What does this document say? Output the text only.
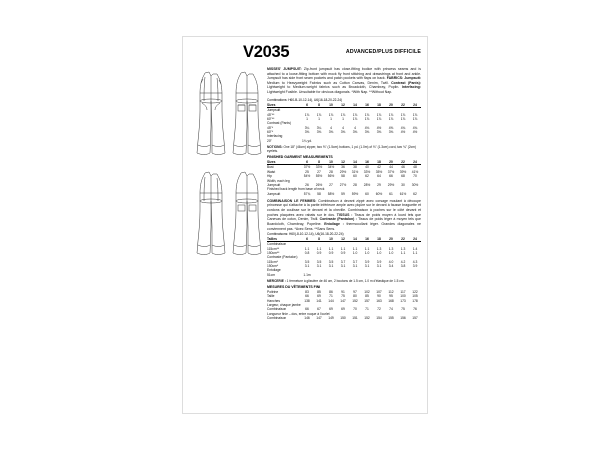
V2035	ADVANCED/PLUS DIFFICILE

MISSES' JUMPSUIT: Zip-front jumpsuit has close-fitting bodice with princess seams and is attached to a loose-fitting bottom with mock fly front stitching and drawstrings at front and ankle. Jumpsuit has side front seam pockets and patch pockets with flaps on back. FABRICS: Jumpsuit: Medium to Heavyweight Fabrics such as Cotton Canvas, Denim, Twill. Contrast (Pants): Lightweight to Medium-weight fabrics such as Broadcloth, Chambray, Poplin. Interfacing: Lightweight Fusible. Unsuitable for obvious diagonals. *With Nap. **Without Nap.

Combinations: H60-B-10-12-14), U6(16-18-20-22-24)
Sizes	6	8	10	12	14	16	18	20	22	24
Jumpsuit										
45"**	1⅞	1⅞	1⅞	1⅞	1⅞	1⅞	1⅞	1⅞	1⅞	1⅞
60"**	1	1	1	1	1⅞	1⅞	1⅞	1⅞	1⅞	1⅞
Contrast (Pants)										
45"*	3¼	3¼	4	4	4	4⅛	4½	4⅝	4¾	4¾
60"*	3⅜	3⅜	3⅜	3⅜	3⅜	3⅜	3⅜	3⅜	4½	4½
Interfacing										
20"	1¼ yd.									

NOTIONS: One 18" (46cm) zipper, two ⅝" (1.5cm) buttons, 1 yd. (1.0m) of ⅛" (1.3cm) cord, two ¾" (2cm) eyelets.

FINISHED GARMENT MEASUREMENTS
Sizes	6	8	10	12	14	16	18	20	22	24
Bust	37½	33½	34½	36	38	40	42	44	46	48
Waist	25	27	28	29½	31½	33½	35½	37½	39½	41½
Hip	54½	55½	56½	58	60	62	64	66	68	70
Width, each leg										
Jumpsuit	26	26½	27	27½	28	28½	29	29½	30	30½
Finished back length from base of neck										
Jumpsuit	57¾	58	58½	59	59½	60	60½	61	61½	62

COMBINAISON LE FEMMES: Combinaison à devant zippé avec corsage moulant à découpe princesse qui s'attache à la partie inférieure ample avec piqûre sur le devant à fausse braguette et cordons de coulisse sur le devant et la cheville. Combinaison à poches sur le côté devant et poches plaquées avec rabats sur le dos. TISSUS : Tissus de poids moyen à lourd tels que Canevas de coton, Denim, Twill. Contraste (Pantalon) : Tissus de poids léger à moyen tels que Boardcloth, Chambray, Popeline. Entoilage : thermocollant léger. Grandes diagonales ne conviennent pas. *Avec Sens. **Sans Sens.

Combinaisons: H60(-8-10-12-14), U6(16-18-20-22-24)
Tailles	6	8	10	12	14	16	18	20	22	24
Combinaison										
115cm**	1.1	1.1	1.1	1.1	1.1	1.1	1.3	1.3	1.3	1.4
150cm**	0.8	0.9	0.9	0.9	1.0	1.0	1.0	1.0	1.1	1.1
Contraste (Pantalon)										
115cm*	3.5	3.5	3.5	3.7	3.7	3.9	3.9	4.0	4.2	4.3
150cm*	3.1	3.1	3.1	3.1	3.1	3.1	3.1	3.4	3.8	3.9
Entoilage										
51cm	1.1m									

MERCERIE : 1 fermeture à glissière de 46 cm, 2 boutons de 1.5 cm, 1.0 m d'élastique de 1.5 cm.

MESURES DU VÊTEMENTS FINI
Poitrine	83	85	86	91	97	102	107	112	117	122
Taille	66	69	71	75	80	85	90	95	100	105
Hanches	138	141	144	147	152	157	163	168	173	178
Largeur, chaque jambe										
Combinaison	66	67	69	69	70	71	72	74	75	76
Longueur finie – dos, entre nuque à l'ourlet										
Combinaison	146	147	149	150	151	152	154	155	156	157
